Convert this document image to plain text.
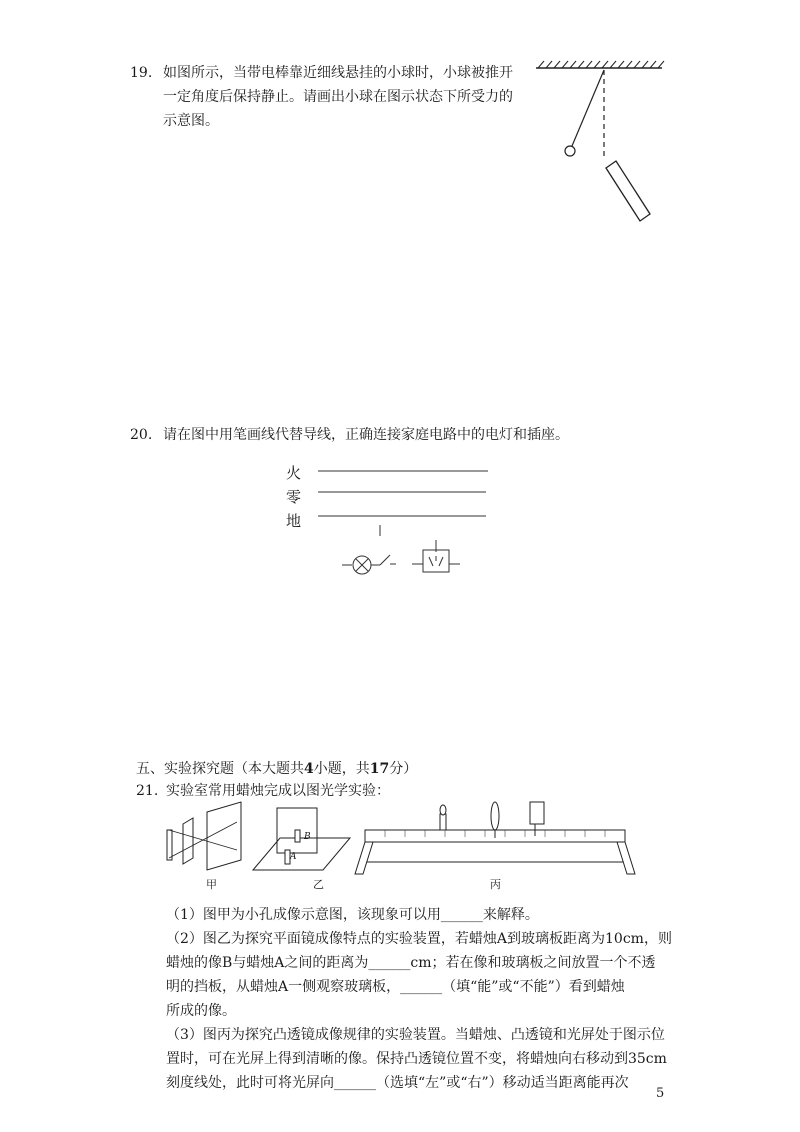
19. 如图所示，当带电棒靠近细线悬挂的小球时，小球被推开
一定角度后保持静止。请画出小球在图示状态下所受力的
示意图。
20. 请在图中用笔画线代替导线，正确连接家庭电路中的电灯和插座。
火
零
地
五、实验探究题（本大题共4小题，共17分）
21. 实验室常用蜡烛完成以图光学实验：
甲	乙	丙
B
A
（1）图甲为小孔成像示意图，该现象可以用______来解释。
（2）图乙为探究平面镜成像特点的实验装置，若蜡烛A到玻璃板距离为10cm，则
蜡烛的像B与蜡烛A之间的距离为______cm；若在像和玻璃板之间放置一个不透
明的挡板，从蜡烛A一侧观察玻璃板，______（填“能”或“不能”）看到蜡烛
所成的像。
（3）图丙为探究凸透镜成像规律的实验装置。当蜡烛、凸透镜和光屏处于图示位
置时，可在光屏上得到清晰的像。保持凸透镜位置不变，将蜡烛向右移动到35cm
刻度线处，此时可将光屏向______（选填“左”或“右”）移动适当距离能再次
5
